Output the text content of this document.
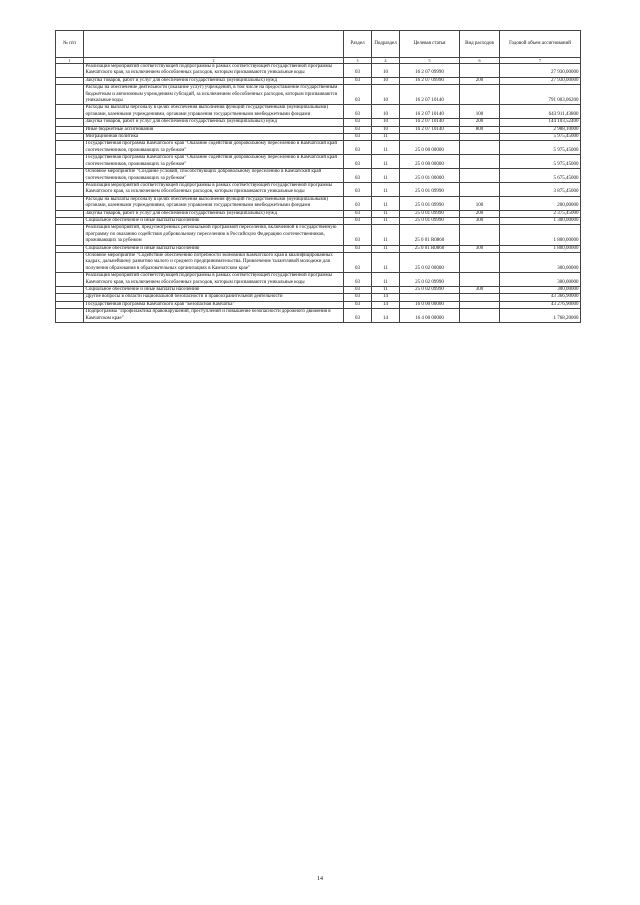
№ п/п		Раздел	Подраздел	Целевая статья	Вид расходов	Годовой объем ассигнований
1	2	3	4	5	6	7
	Реализация мероприятий соответствующей подпрограммы в рамках соответствующей государственной программы Камчатского края, за исключением обособленных расходов, которым присваиваются уникальные коды	03	10	16 2 07 09990		27 930,00000
	Закупка товаров, работ и услуг для обеспечения государственных (муниципальных) нужд	03	10	16 2 07 09990	200	27 930,00000
	Расходы на обеспечение деятельности (оказание услуг) учреждений, в том числе на предоставление государственным бюджетным и автономным учреждениям субсидий, за исключением обособленных расходов, которым присваиваются уникальные коды	03	10	16 2 07 10140		791 003,06200
	Расходы на выплаты персоналу в целях обеспечения выполнения функций государственными (муниципальными) органами, казенными учреждениями, органами управления государственными внебюджетными фондами	03	10	16 2 07 10140	100	643 911,43800
	Закупка товаров, работ и услуг для обеспечения государственных (муниципальных) нужд	03	10	16 2 07 10140	200	144 103,52400
	Иные бюджетные ассигнования	03	10	16 2 07 10140	800	2 988,10000
	Миграционная политика	03	11			5 975,45000
	Государственная программа Камчатского края "Оказание содействия добровольному переселению в Камчатский край соотечественников, проживающих за рубежом"	03	11	25 0 00 00000		5 975,45000
	Государственная программа Камчатского края "Оказание содействия добровольному переселению в Камчатский край соотечественников, проживающих за рубежом"	03	11	25 0 00 00000		5 975,45000
	Основное мероприятие "Создание условий, способствующих добровольному переселению в Камчатский край соотечественников, проживающих за рубежом"	03	11	25 0 01 00000		5 675,45000
	Реализация мероприятий соответствующей подпрограммы в рамках соответствующей государственной программы Камчатского края, за исключением обособленных расходов, которым присваиваются уникальные коды	03	11	25 0 01 09990		3 875,45000
	Расходы на выплаты персоналу в целях обеспечения выполнения функций государственными (муниципальными) органами, казенными учреждениями, органами управления государственными внебюджетными фондами	03	11	25 0 01 09990	100	200,00000
	Закупка товаров, работ и услуг для обеспечения государственных (муниципальных) нужд	03	11	25 0 01 09990	200	2 375,45000
	Социальное обеспечение и иные выплаты населению	03	11	25 0 01 09990	300	1 300,00000
	Реализация мероприятий, предусмотренных региональной программой переселения, включенной в Государственную программу по оказанию содействия добровольному переселению в Российскую Федерацию соотечественников, проживающих за рубежом	03	11	25 0 01 R0860		1 800,00000
	Социальное обеспечение и иные выплаты населению	03	11	25 0 01 R0860	300	1 800,00000
	Основное мероприятие "Содействие обеспечению потребности экономики Камчатского края в квалифицированных кадрах, дальнейшему развитию малого и среднего предпринимательства. Привлечение талантливой молодежи для получения образования в образовательных организациях в Камчатском крае"	03	11	25 0 02 00000		300,00000
	Реализация мероприятий соответствующей подпрограммы в рамках соответствующей государственной программы Камчатского края, за исключением обособленных расходов, которым присваиваются уникальные коды	03	11	25 0 02 09990		300,00000
	Социальное обеспечение и иные выплаты населению	03	11	25 0 02 09990	300	300,00000
	Другие вопросы в области национальной безопасности и правоохранительной деятельности	03	14			43 366,90000
	Государственная программа Камчатского края "Безопасная Камчатка"	03	14	16 0 00 00000		43 276,90000
	Подпрограмма "Профилактика правонарушений, преступлений и повышение безопасности дорожного движения в Камчатском крае"	03	14	16 4 00 00000		1 768,20000
14
